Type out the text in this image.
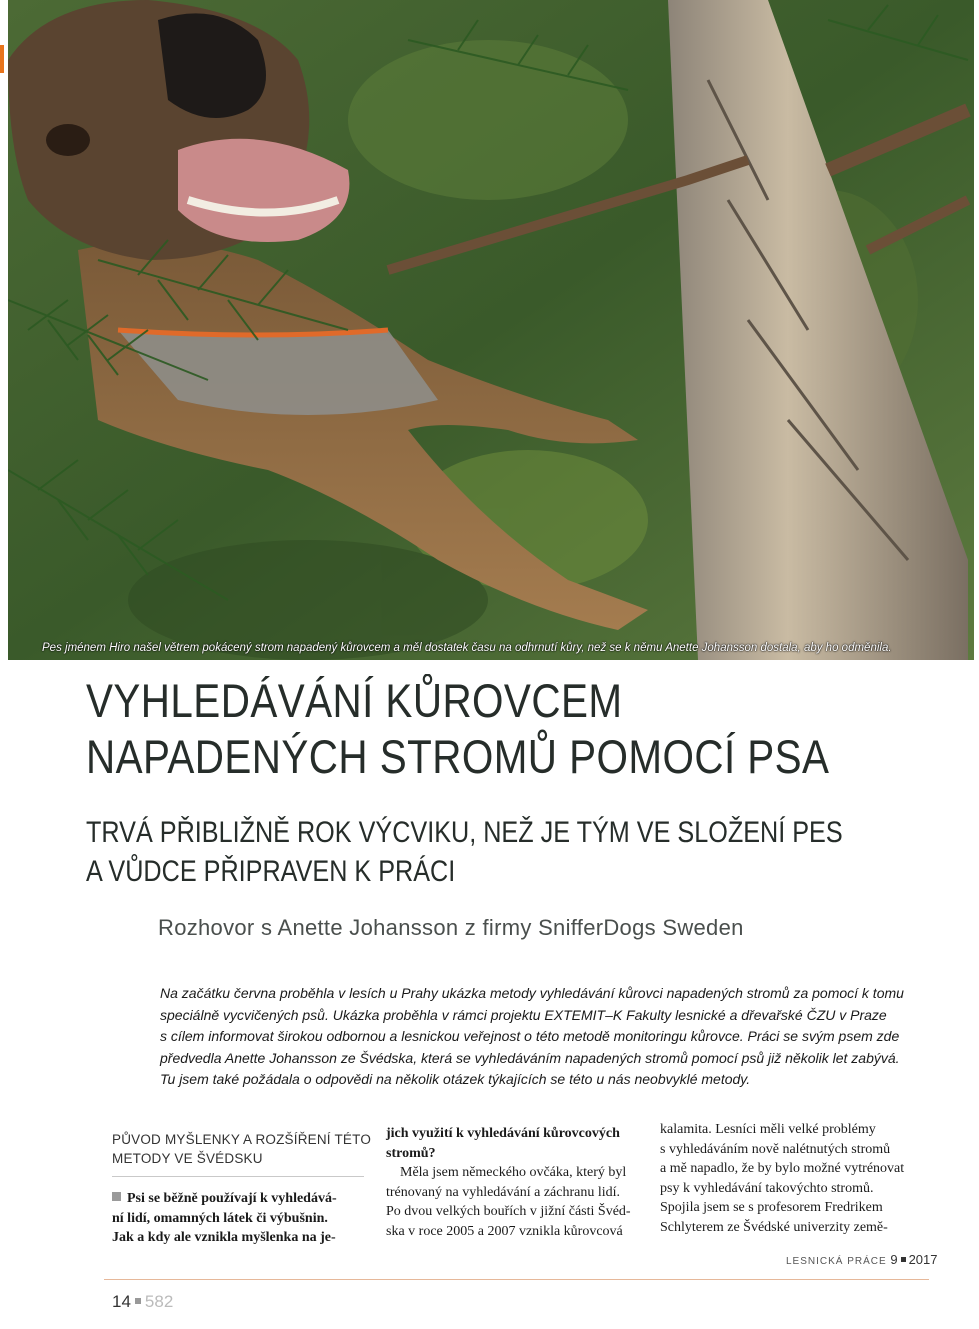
Pes jménem Hiro našel větrem pokácený strom napadený kůrovcem a měl dostatek času na odhrnutí kůry, než se k němu Anette Johansson dostala, aby ho odměnila.
VYHLEDÁVÁNÍ KŮROVCEM
NAPADENÝCH STROMŮ POMOCÍ PSA
TRVÁ PŘIBLIŽNĚ ROK VÝCVIKU, NEŽ JE TÝM VE SLOŽENÍ PES
A VŮDCE PŘIPRAVEN K PRÁCI
Rozhovor s Anette Johansson z firmy SnifferDogs Sweden
Na začátku června proběhla v lesích u Prahy ukázka metody vyhledávání kůrovci napadených stromů za pomocí k tomu
speciálně vycvičených psů. Ukázka proběhla v rámci projektu EXTEMIT–K Fakulty lesnické a dřevařské ČZU v Praze
s cílem informovat širokou odbornou a lesnickou veřejnost o této metodě monitoringu kůrovce. Práci se svým psem zde
předvedla Anette Johansson ze Švédska, která se vyhledáváním napadených stromů pomocí psů již několik let zabývá.
Tu jsem také požádala o odpovědi na několik otázek týkajících se této u nás neobvyklé metody.
PŮVOD MYŠLENKY A ROZŠÍŘENÍ TÉTO
METODY VE ŠVÉDSKU
Psi se běžně používají k vyhledává-
ní lidí, omamných látek či výbušnin.
Jak a kdy ale vznikla myšlenka na je-
jich využití k vyhledávání kůrovcových
stromů?
Měla jsem německého ovčáka, který byl
trénovaný na vyhledávání a záchranu lidí.
Po dvou velkých bouřích v jižní části Švéd-
ska v roce 2005 a 2007 vznikla kůrovcová
kalamita. Lesníci měli velké problémy
s vyhledáváním nově nalétnutých stromů
a mě napadlo, že by bylo možné vytrénovat
psy k vyhledávání takovýchto stromů.
Spojila jsem se s profesorem Fredrikem
Schlyterem ze Švédské univerzity země-
LESNICKÁ PRÁCE 9 2017
14 582
